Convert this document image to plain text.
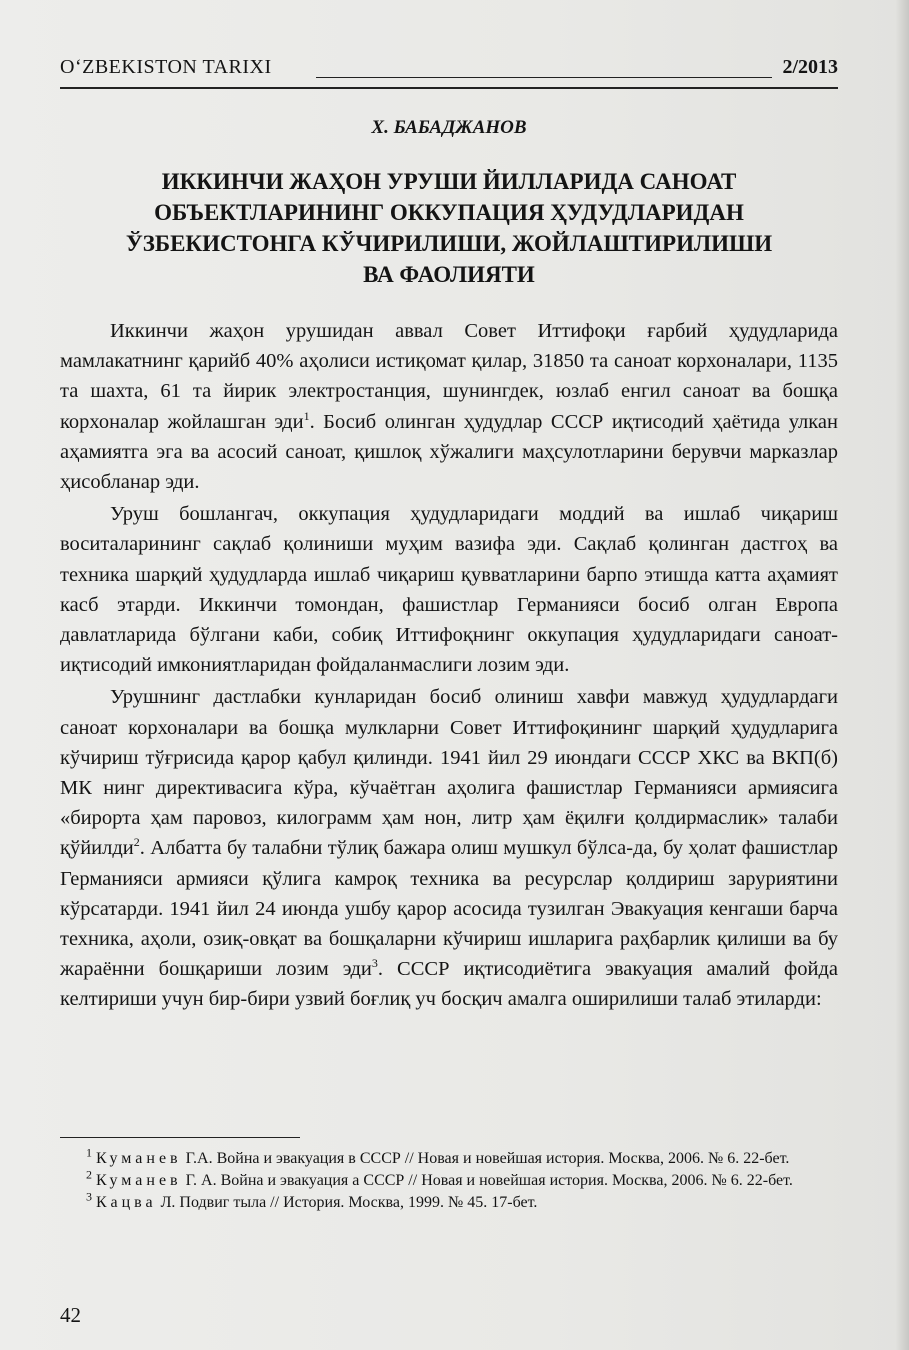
O‘ZBEKISTON TARIXI	2/2013
Х. БАБАДЖАНОВ
ИККИНЧИ ЖАҲОН УРУШИ ЙИЛЛАРИДА САНОАТ
ОБЪЕКТЛАРИНИНГ ОККУПАЦИЯ ҲУДУДЛАРИДАН
ЎЗБЕКИСТОНГА КЎЧИРИЛИШИ, ЖОЙЛАШТИРИЛИШИ
ВА ФАОЛИЯТИ

Иккинчи жаҳон урушидан аввал Совет Иттифоқи ғарбий ҳудудларида мамлакатнинг қарийб 40% аҳолиси истиқомат қилар, 31850 та саноат корхоналари, 1135 та шахта, 61 та йирик электростанция, шунингдек, юзлаб енгил саноат ва бошқа корхоналар жойлашган эди$^1$. Босиб олинган ҳудудлар СССР иқтисодий ҳаётида улкан аҳамиятга эга ва асосий саноат, қишлоқ хўжалиги маҳсулотларини берувчи марказлар ҳисобланар эди.

Уруш бошлангач, оккупация ҳудудларидаги моддий ва ишлаб чиқариш воситаларининг сақлаб қолиниши муҳим вазифа эди. Сақлаб қолинган дастгоҳ ва техника шарқий ҳудудларда ишлаб чиқариш қувватларини барпо этишда катта аҳамият касб этарди. Иккинчи томондан, фашистлар Германияси босиб олган Европа давлатларида бўлгани каби, собиқ Иттифоқнинг оккупация ҳудудларидаги саноат-иқтисодий имкониятларидан фойдаланмаслиги лозим эди.

Урушнинг дастлабки кунларидан босиб олиниш хавфи мавжуд ҳудудлардаги саноат корхоналари ва бошқа мулкларни Совет Иттифоқининг шарқий ҳудудларига кўчириш тўғрисида қарор қабул қилинди. 1941 йил 29 июндаги СССР ХКС ва ВКП(б) МК нинг директивасига кўра, кўчаётган аҳолига фашистлар Германияси армиясига «бирорта ҳам паровоз, килограмм ҳам нон, литр ҳам ёқилғи қолдирмаслик» талаби қўйилди$^2$. Албатта бу талабни тўлиқ бажара олиш мушкул бўлса-да, бу ҳолат фашистлар Германияси армияси қўлига камроқ техника ва ресурслар қолдириш заруриятини кўрсатарди. 1941 йил 24 июнда ушбу қарор асосида тузилган Эвакуация кенгаши барча техника, аҳоли, озиқ-овқат ва бошқаларни кўчириш ишларига раҳбарлик қилиши ва бу жараённи бошқариши лозим эди$^3$. СССР иқтисодиётига эвакуация амалий фойда келтириши учун бир-бири узвий боғлиқ уч босқич амалга оширилиши талаб этиларди:

$^1$ Куманев Г.А. Война и эвакуация в СССР // Новая и новейшая история. Москва, 2006. № 6. 22-бет.

$^2$ Куманев Г. А. Война и эвакуация а СССР // Новая и новейшая история. Москва, 2006. № 6. 22-бет.

$^3$ Кацва Л. Подвиг тыла // История. Москва, 1999. № 45. 17-бет.

42
